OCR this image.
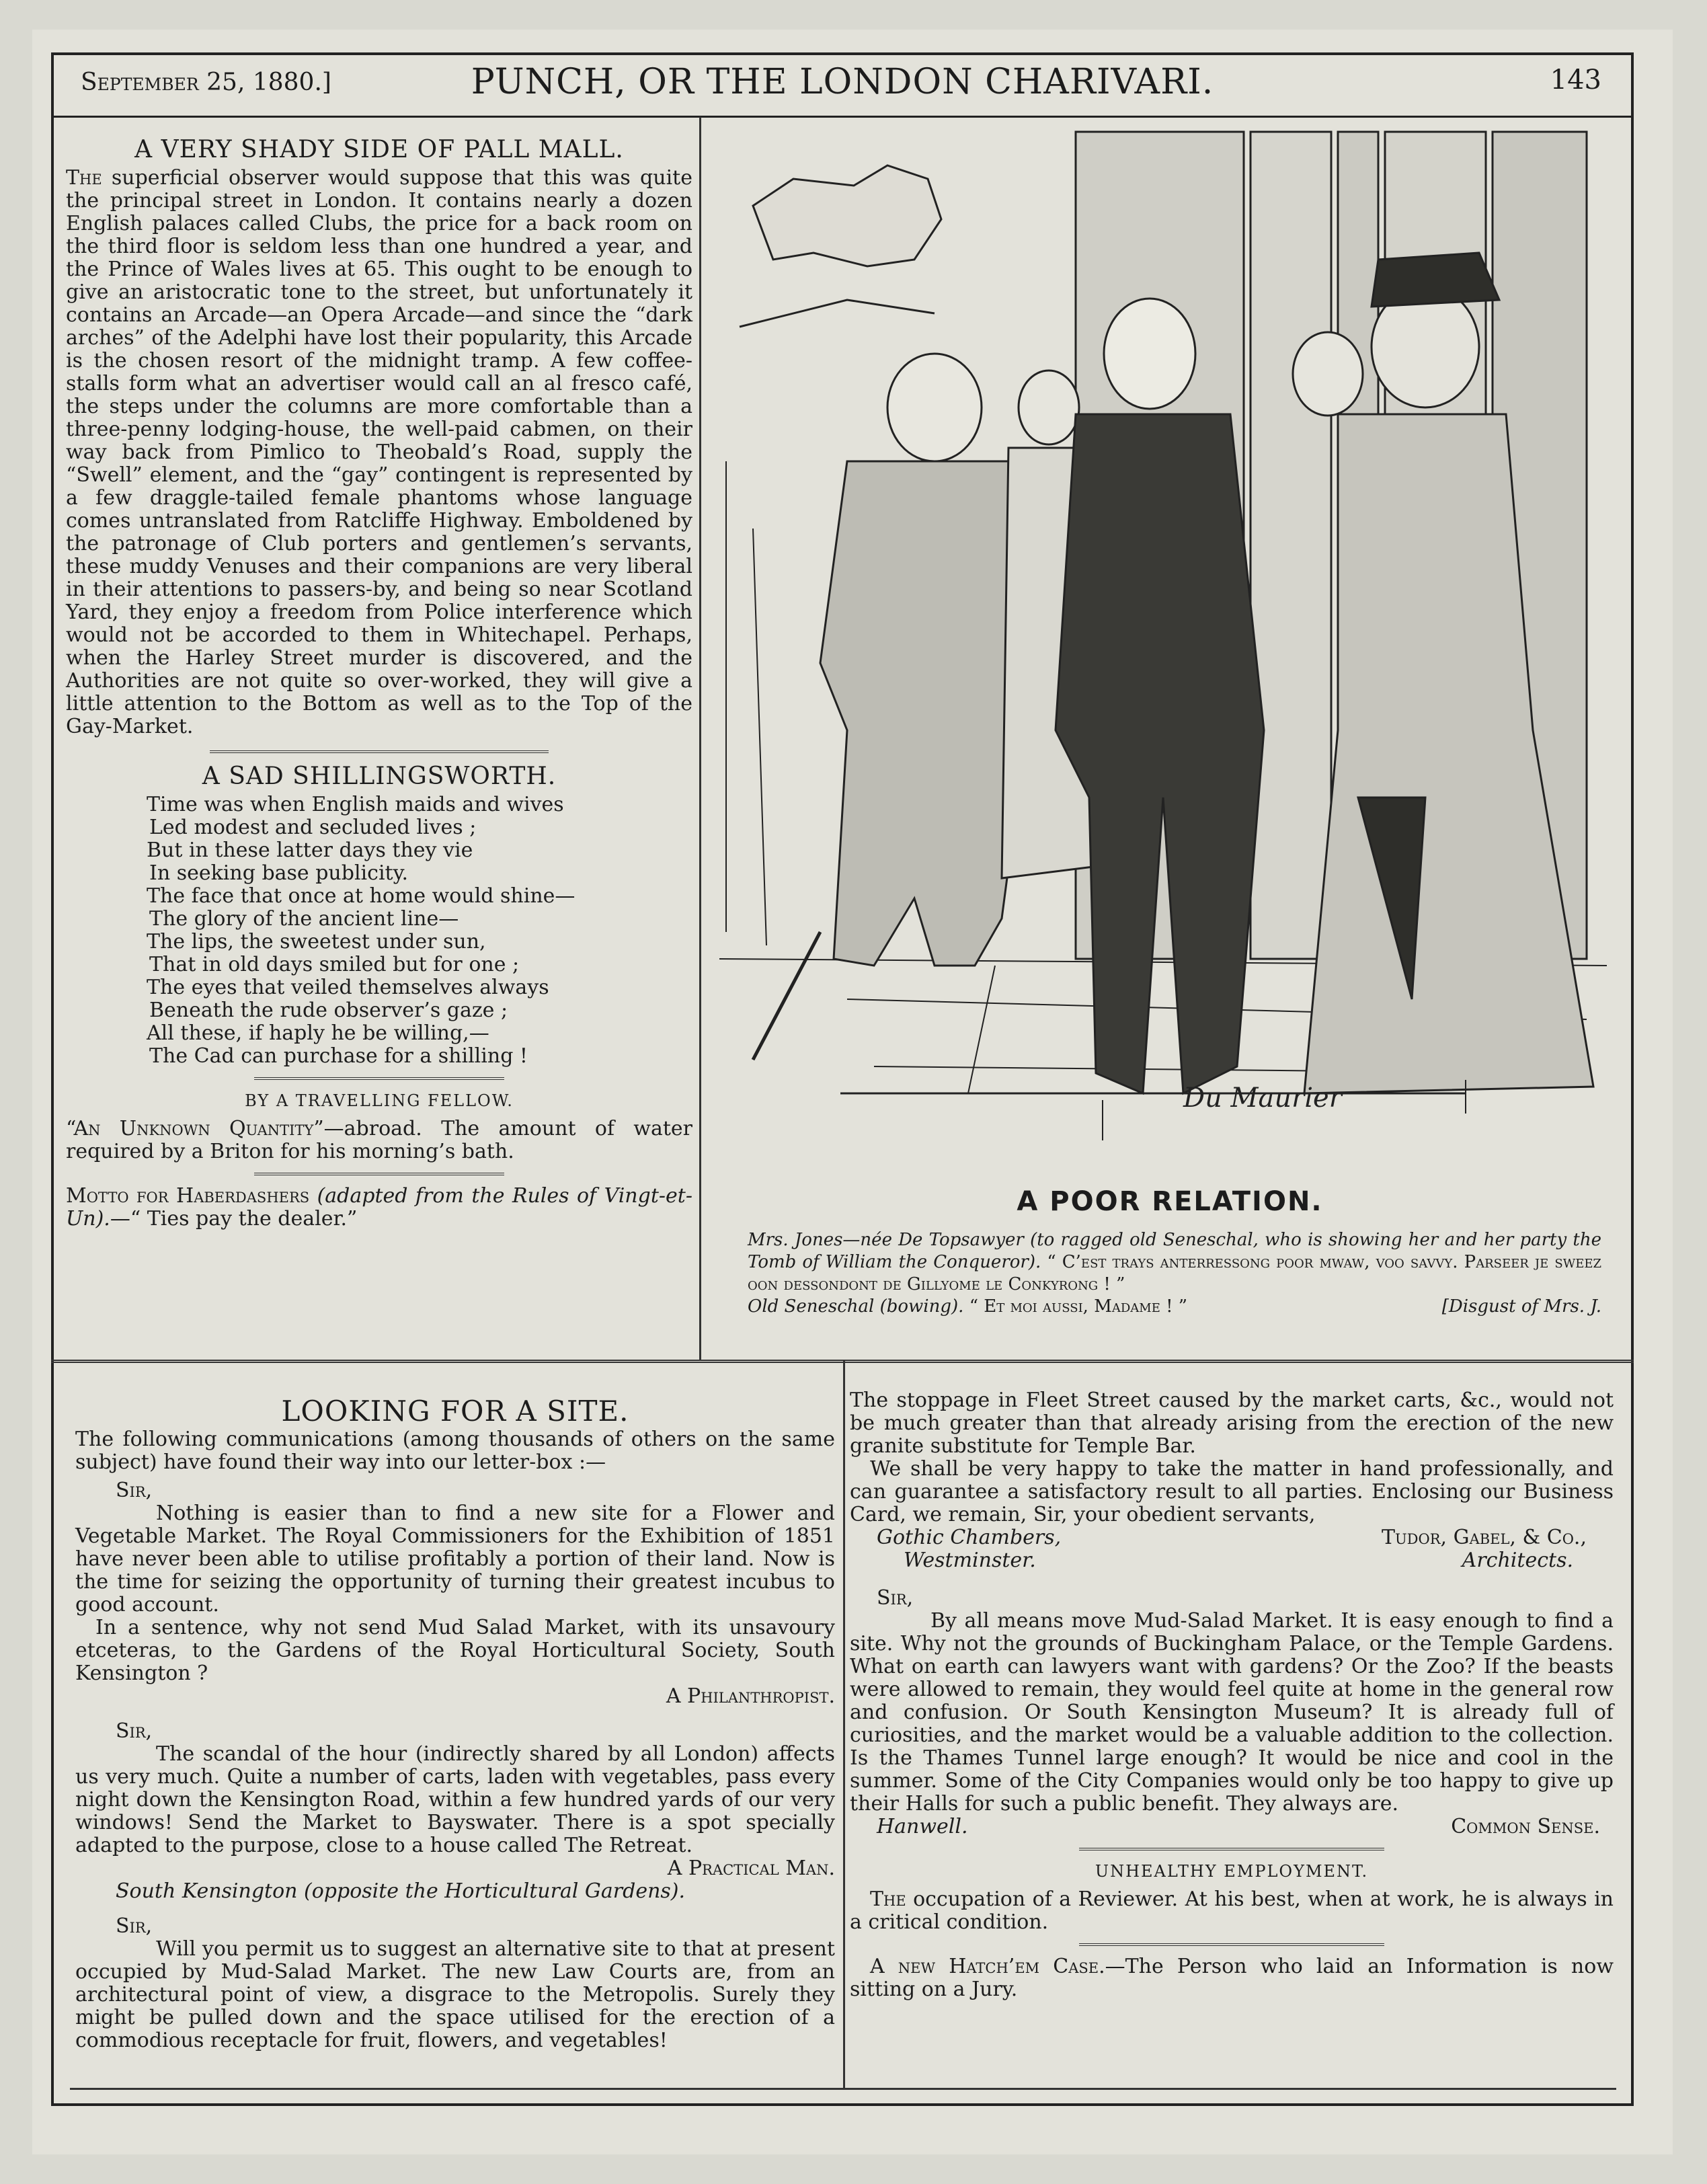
September 25, 1880.]	PUNCH, OR THE LONDON CHARIVARI.	143
A VERY SHADY SIDE OF PALL MALL.

The superficial observer would suppose that this was quite the principal street in London. It contains nearly a dozen English palaces called Clubs, the price for a back room on the third floor is seldom less than one hundred a year, and the Prince of Wales lives at 65. This ought to be enough to give an aristocratic tone to the street, but unfortunately it contains an Arcade—an Opera Arcade—and since the “dark arches” of the Adelphi have lost their popularity, this Arcade is the chosen resort of the midnight tramp. A few coffee-stalls form what an advertiser would call an al fresco café, the steps under the columns are more comfortable than a three-penny lodging-house, the well-paid cabmen, on their way back from Pimlico to Theobald’s Road, supply the “Swell” element, and the “gay” contingent is represented by a few draggle-tailed female phantoms whose language comes untranslated from Ratcliffe Highway. Emboldened by the patronage of Club porters and gentlemen’s servants, these muddy Venuses and their companions are very liberal in their attentions to passers-by, and being so near Scotland Yard, they enjoy a freedom from Police interference which would not be accorded to them in Whitechapel. Perhaps, when the Harley Street murder is discovered, and the Authorities are not quite so over-worked, they will give a little attention to the Bottom as well as to the Top of the Gay-Market.

A SAD SHILLINGSWORTH.
Time was when English maids and wives
Led modest and secluded lives ;
But in these latter days they vie
In seeking base publicity.
The face that once at home would shine—
The glory of the ancient line—
The lips, the sweetest under sun,
That in old days smiled but for one ;
The eyes that veiled themselves always
Beneath the rude observer’s gaze ;
All these, if haply he be willing,—
The Cad can purchase for a shilling !
BY A TRAVELLING FELLOW.

“An Unknown Quantity”—abroad. The amount of water required by a Briton for his morning’s bath.

Motto for Haberdashers (adapted from the Rules of Vingt-et-Un).—“ Ties pay the dealer.”

Du Maurier
A POOR RELATION.

Mrs. Jones—née De Topsawyer (to ragged old Seneschal, who is showing her and her party the Tomb of William the Conqueror). “ C’est trays anterressong poor mwaw, voo savvy. Parseer je sweez oon dessondont de Gillyome le Conkyrong ! ”

Old Seneschal (bowing). “ Et moi aussi, Madame ! ”	[Disgust of Mrs. J.

LOOKING FOR A SITE.

The following communications (among thousands of others on the same subject) have found their way into our letter-box :—

Sir,

Nothing is easier than to find a new site for a Flower and Vegetable Market. The Royal Commissioners for the Exhibition of 1851 have never been able to utilise profitably a portion of their land. Now is the time for seizing the opportunity of turning their greatest incubus to good account.

In a sentence, why not send Mud Salad Market, with its unsavoury etceteras, to the Gardens of the Royal Horticultural Society, South Kensington ?

A Philanthropist.

Sir,

The scandal of the hour (indirectly shared by all London) affects us very much. Quite a number of carts, laden with vegetables, pass every night down the Kensington Road, within a few hundred yards of our very windows! Send the Market to Bayswater. There is a spot specially adapted to the purpose, close to a house called The Retreat.

A Practical Man.

South Kensington (opposite the Horticultural Gardens).

Sir,

Will you permit us to suggest an alternative site to that at present occupied by Mud-Salad Market. The new Law Courts are, from an architectural point of view, a disgrace to the Metropolis. Surely they might be pulled down and the space utilised for the erection of a commodious receptacle for fruit, flowers, and vegetables!

The stoppage in Fleet Street caused by the market carts, &c., would not be much greater than that already arising from the erection of the new granite substitute for Temple Bar.

We shall be very happy to take the matter in hand professionally, and can guarantee a satisfactory result to all parties. Enclosing our Business Card, we remain, Sir, your obedient servants,

Gothic Chambers,	Tudor, Gabel, & Co.,

Westminster.	Architects.

Sir,

By all means move Mud-Salad Market. It is easy enough to find a site. Why not the grounds of Buckingham Palace, or the Temple Gardens. What on earth can lawyers want with gardens? Or the Zoo? If the beasts were allowed to remain, they would feel quite at home in the general row and confusion. Or South Kensington Museum? It is already full of curiosities, and the market would be a valuable addition to the collection. Is the Thames Tunnel large enough? It would be nice and cool in the summer. Some of the City Companies would only be too happy to give up their Halls for such a public benefit. They always are.

Hanwell.	Common Sense.

UNHEALTHY EMPLOYMENT.

The occupation of a Reviewer. At his best, when at work, he is always in a critical condition.

A new Hatch’em Case.—The Person who laid an Information is now sitting on a Jury.
